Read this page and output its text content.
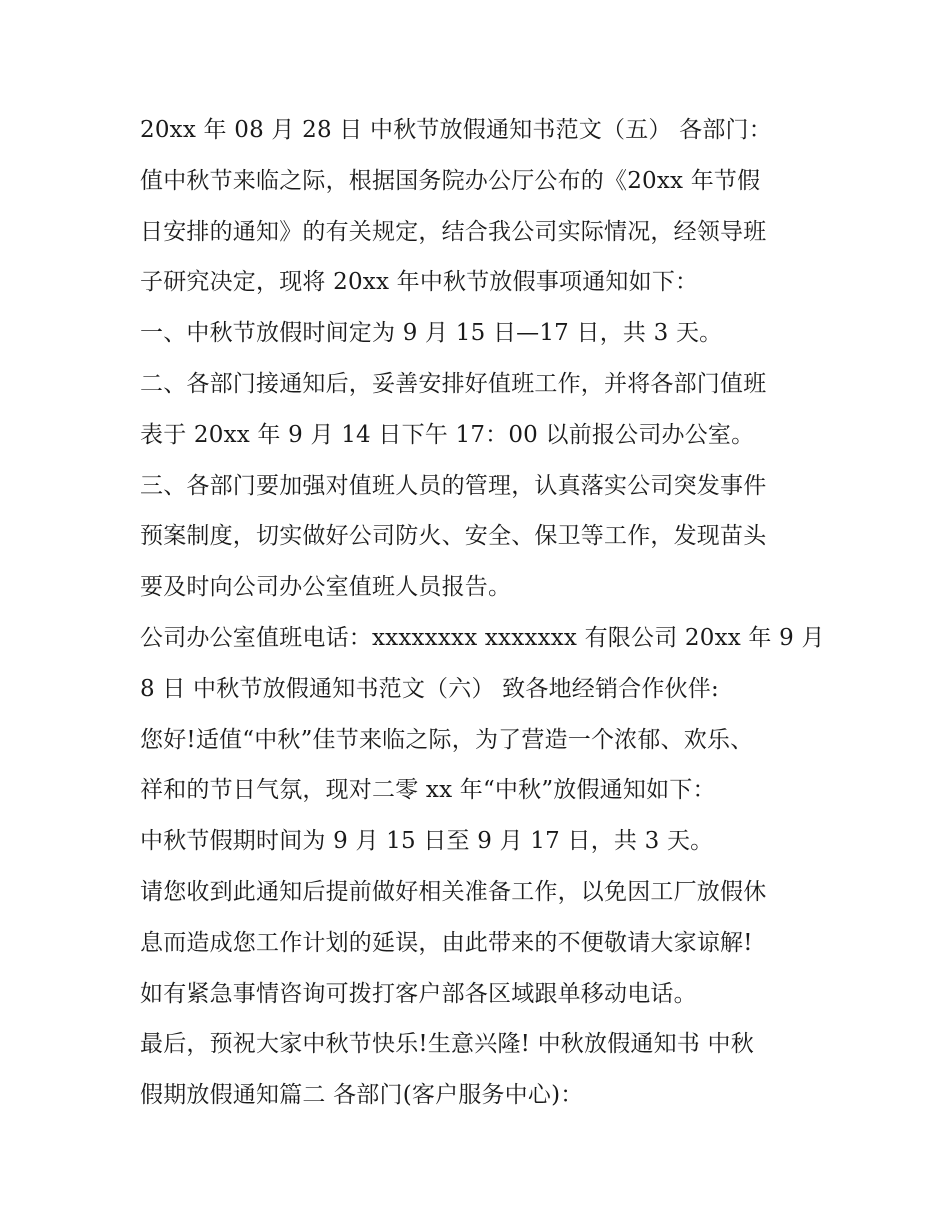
20xx 年 08 月 28 日 中秋节放假通知书范文（五） 各部门：
值中秋节来临之际，根据国务院办公厅公布的《20xx 年节假
日安排的通知》的有关规定，结合我公司实际情况，经领导班
子研究决定，现将 20xx 年中秋节放假事项通知如下：
一、中秋节放假时间定为 9 月 15 日—17 日，共 3 天。
二、各部门接通知后，妥善安排好值班工作，并将各部门值班
表于 20xx 年 9 月 14 日下午 17：00 以前报公司办公室。
三、各部门要加强对值班人员的管理，认真落实公司突发事件
预案制度，切实做好公司防火、安全、保卫等工作，发现苗头
要及时向公司办公室值班人员报告。
公司办公室值班电话：xxxxxxxx xxxxxxx 有限公司 20xx 年 9 月
8 日 中秋节放假通知书范文（六） 致各地经销合作伙伴:
您好!适值“中秋”佳节来临之际，为了营造一个浓郁、欢乐、
祥和的节日气氛，现对二零 xx 年“中秋”放假通知如下：
中秋节假期时间为 9 月 15 日至 9 月 17 日，共 3 天。
请您收到此通知后提前做好相关准备工作，以免因工厂放假休
息而造成您工作计划的延误，由此带来的不便敬请大家谅解!
如有紧急事情咨询可拨打客户部各区域跟单移动电话。
最后，预祝大家中秋节快乐!生意兴隆! 中秋放假通知书 中秋
假期放假通知篇二 各部门(客户服务中心)：
